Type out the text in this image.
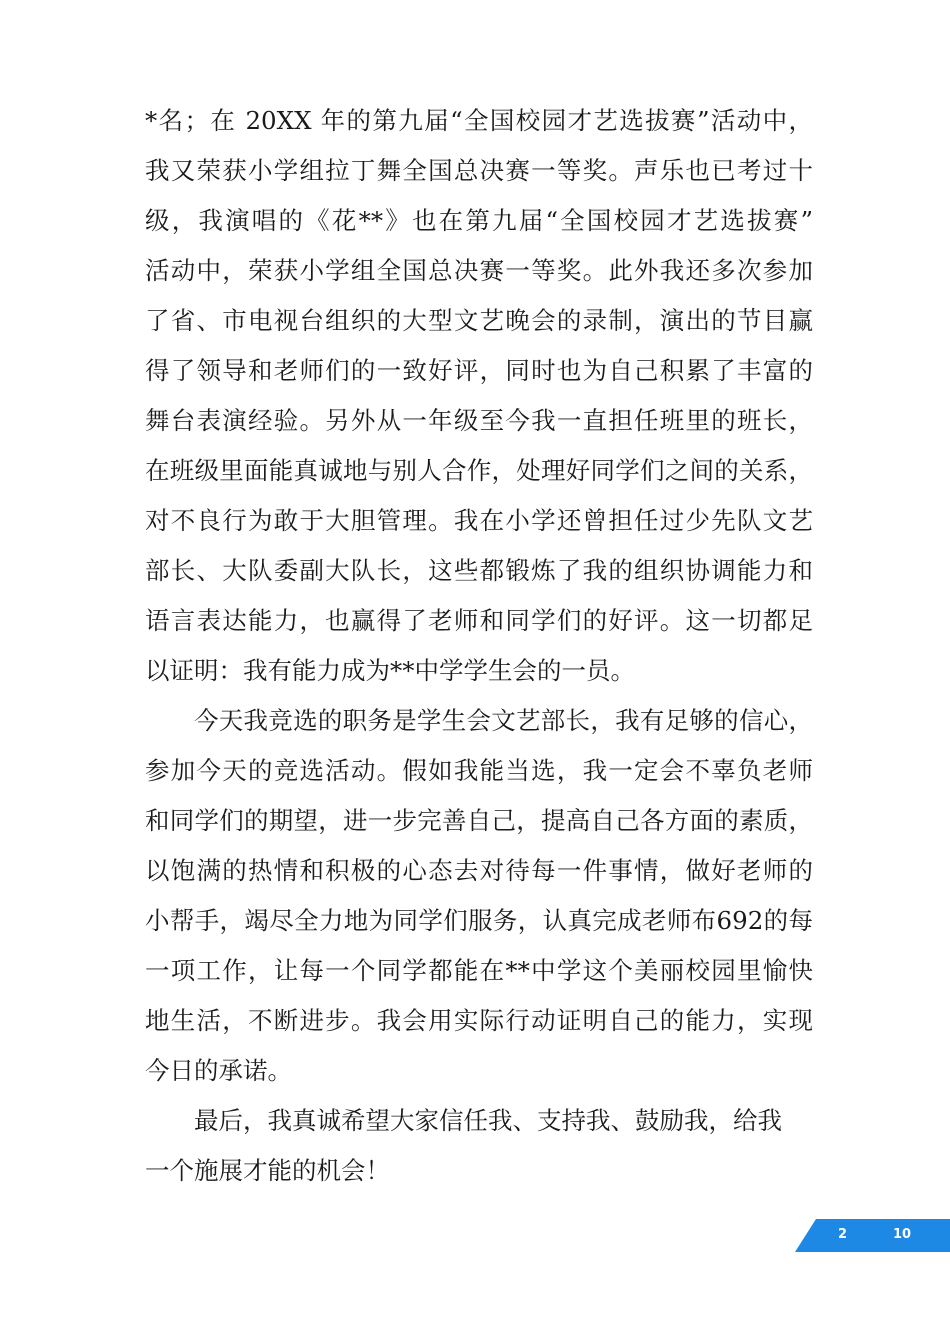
*名；在 20XX 年的第九届“全国校园才艺选拔赛”活动中，
我又荣获小学组拉丁舞全国总决赛一等奖。声乐也已考过十
级，我演唱的《花**》也在第九届“全国校园才艺选拔赛”
活动中，荣获小学组全国总决赛一等奖。此外我还多次参加
了省、市电视台组织的大型文艺晚会的录制，演出的节目赢
得了领导和老师们的一致好评，同时也为自己积累了丰富的
舞台表演经验。另外从一年级至今我一直担任班里的班长，
在班级里面能真诚地与别人合作，处理好同学们之间的关系，
对不良行为敢于大胆管理。我在小学还曾担任过少先队文艺
部长、大队委副大队长，这些都锻炼了我的组织协调能力和
语言表达能力，也赢得了老师和同学们的好评。这一切都足
以证明：我有能力成为**中学学生会的一员。
今天我竞选的职务是学生会文艺部长，我有足够的信心，
参加今天的竞选活动。假如我能当选，我一定会不辜负老师
和同学们的期望，进一步完善自己，提高自己各方面的素质，
以饱满的热情和积极的心态去对待每一件事情，做好老师的
小帮手，竭尽全力地为同学们服务，认真完成老师布692的每
一项工作，让每一个同学都能在**中学这个美丽校园里愉快
地生活，不断进步。我会用实际行动证明自己的能力，实现
今日的承诺。
最后，我真诚希望大家信任我、支持我、鼓励我，给我
一个施展才能的机会！
2	10
